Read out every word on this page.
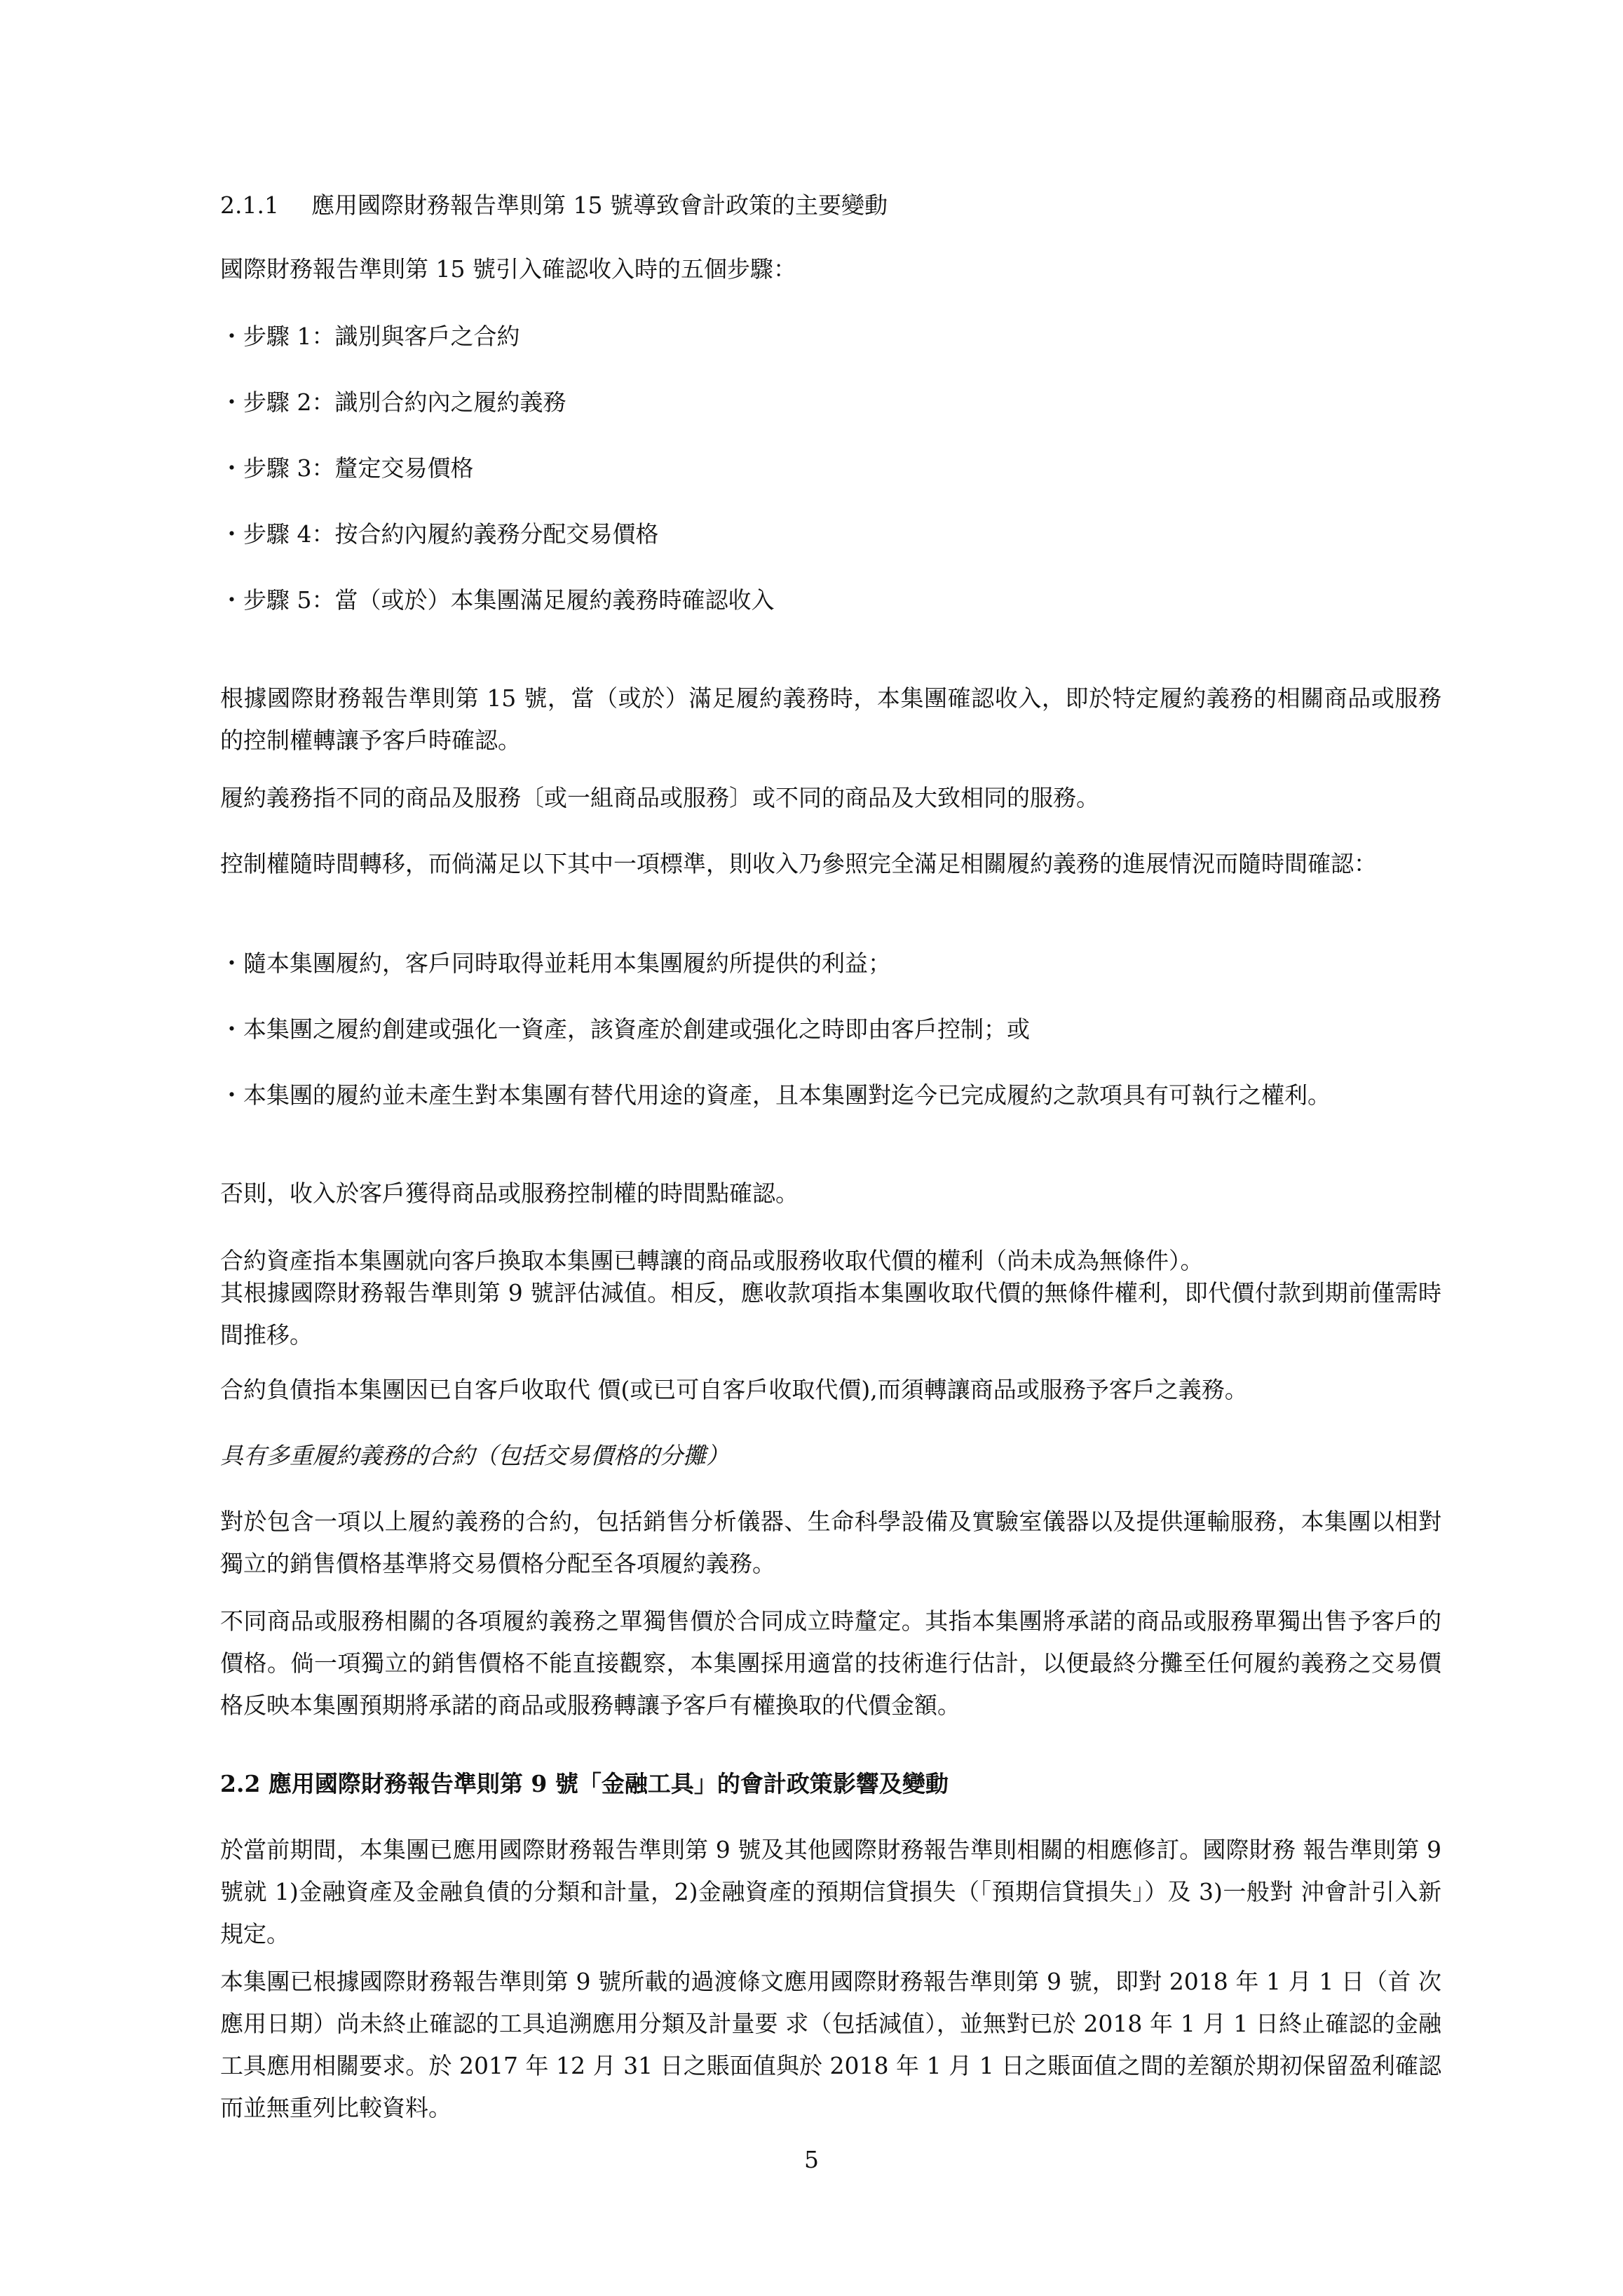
2.1.1 應用國際財務報告準則第 15 號導致會計政策的主要變動

國際財務報告準則第 15 號引入確認收入時的五個步驟：

・步驟 1：識別與客戶之合約

・步驟 2：識別合約內之履約義務

・步驟 3：釐定交易價格

・步驟 4：按合約內履約義務分配交易價格

・步驟 5：當（或於）本集團滿足履約義務時確認收入

根據國際財務報告準則第 15 號，當（或於）滿足履約義務時，本集團確認收入，即於特定履約義務的相關商品或服務的控制權轉讓予客戶時確認。

履約義務指不同的商品及服務〔或一組商品或服務〕或不同的商品及大致相同的服務。

控制權隨時間轉移，而倘滿足以下其中一項標準，則收入乃參照完全滿足相關履約義務的進展情況而隨時間確認：

・隨本集團履約，客戶同時取得並耗用本集團履約所提供的利益；

・本集團之履約創建或强化一資產，該資產於創建或强化之時即由客戶控制；或

・本集團的履約並未產生對本集團有替代用途的資產，且本集團對迄今已完成履約之款項具有可執行之權利。

否則，收入於客戶獲得商品或服務控制權的時間點確認。

合約資產指本集團就向客戶換取本集團已轉讓的商品或服務收取代價的權利（尚未成為無條件）。

其根據國際財務報告準則第 9 號評估減值。相反，應收款項指本集團收取代價的無條件權利，即代價付款到期前僅需時間推移。

合約負債指本集團因已自客戶收取代 價(或已可自客戶收取代價),而須轉讓商品或服務予客戶之義務。

具有多重履約義務的合約（包括交易價格的分攤）

對於包含一項以上履約義務的合約，包括銷售分析儀器、生命科學設備及實驗室儀器以及提供運輸服務，本集團以相對獨立的銷售價格基準將交易價格分配至各項履約義務。

不同商品或服務相關的各項履約義務之單獨售價於合同成立時釐定。其指本集團將承諾的商品或服務單獨出售予客戶的價格。倘一項獨立的銷售價格不能直接觀察，本集團採用適當的技術進行估計，以便最終分攤至任何履約義務之交易價格反映本集團預期將承諾的商品或服務轉讓予客戶有權換取的代價金額。

2.2 應用國際財務報告準則第 9 號「金融工具」的會計政策影響及變動

於當前期間，本集團已應用國際財務報告準則第 9 號及其他國際財務報告準則相關的相應修訂。國際財務 報告準則第 9 號就 1)金融資產及金融負債的分類和計量，2)金融資產的預期信貸損失（「預期信貸損失」）及 3)一般對 沖會計引入新規定。

本集團已根據國際財務報告準則第 9 號所載的過渡條文應用國際財務報告準則第 9 號，即對 2018 年 1 月 1 日（首 次應用日期）尚未終止確認的工具追溯應用分類及計量要 求（包括減值），並無對已於 2018 年 1 月 1 日終止確認的金融工具應用相關要求。於 2017 年 12 月 31 日之賬面值與於 2018 年 1 月 1 日之賬面值之間的差額於期初保留盈利確認而並無重列比較資料。

5
